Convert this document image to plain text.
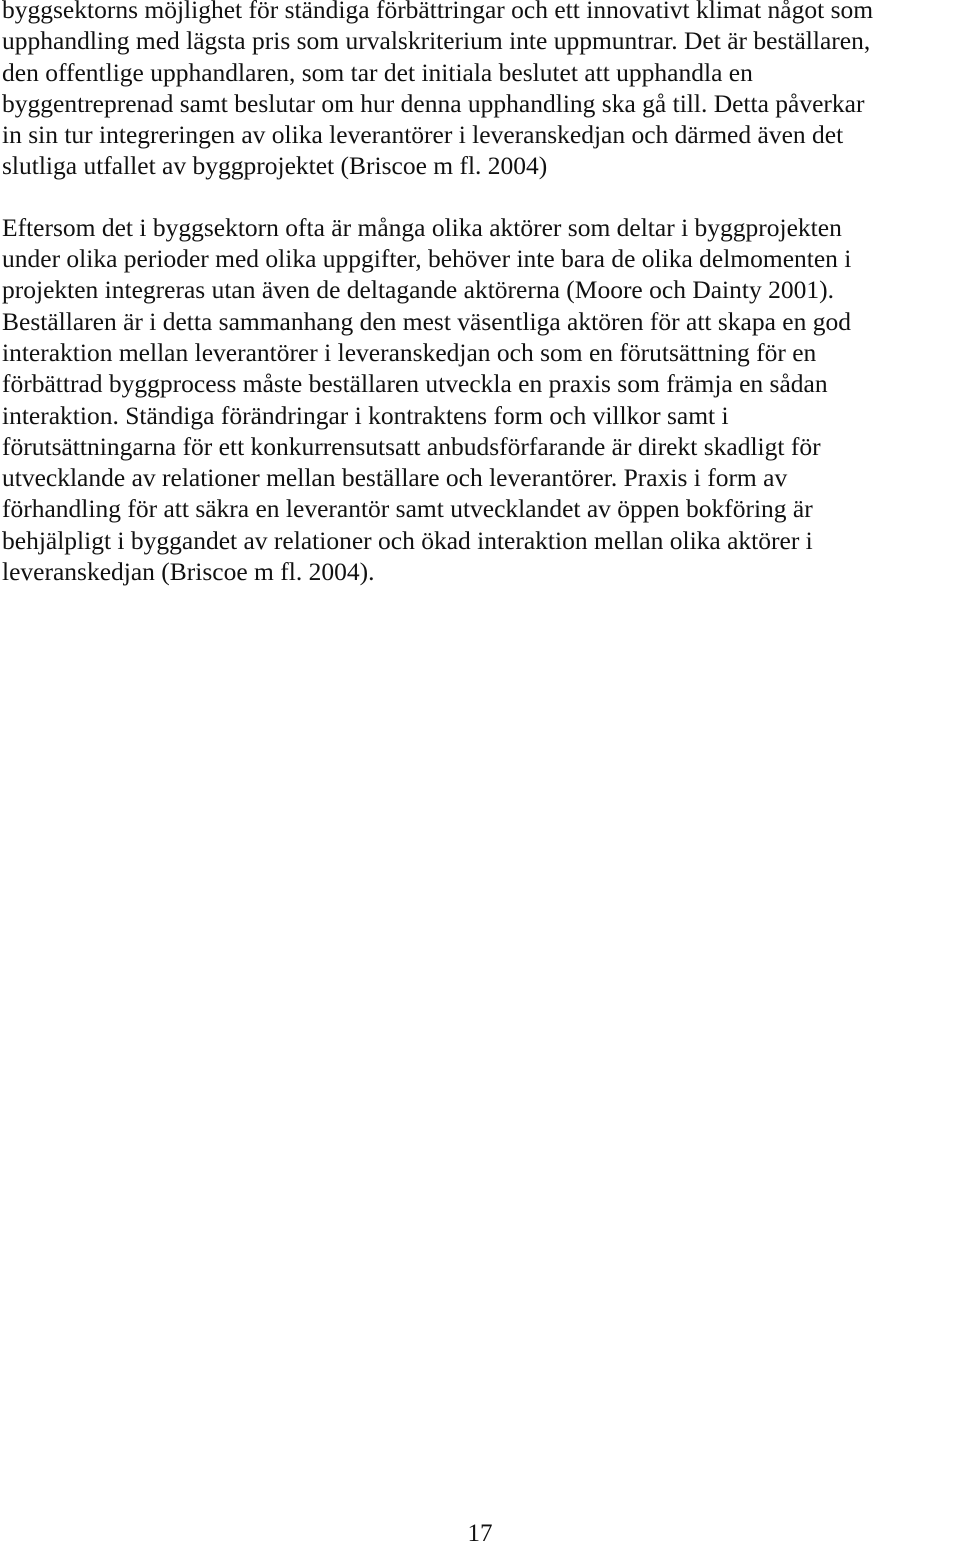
byggsektorns möjlighet för ständiga förbättringar och ett innovativt klimat något som
upphandling med lägsta pris som urvalskriterium inte uppmuntrar. Det är beställaren,
den offentlige upphandlaren, som tar det initiala beslutet att upphandla en
byggentreprenad samt beslutar om hur denna upphandling ska gå till. Detta påverkar
in sin tur integreringen av olika leverantörer i leveranskedjan och därmed även det
slutliga utfallet av byggprojektet (Briscoe m fl. 2004)

Eftersom det i byggsektorn ofta är många olika aktörer som deltar i byggprojekten
under olika perioder med olika uppgifter, behöver inte bara de olika delmomenten i
projekten integreras utan även de deltagande aktörerna (Moore och Dainty 2001).
Beställaren är i detta sammanhang den mest väsentliga aktören för att skapa en god
interaktion mellan leverantörer i leveranskedjan och som en förutsättning för en
förbättrad byggprocess måste beställaren utveckla en praxis som främja en sådan
interaktion. Ständiga förändringar i kontraktens form och villkor samt i
förutsättningarna för ett konkurrensutsatt anbudsförfarande är direkt skadligt för
utvecklande av relationer mellan beställare och leverantörer. Praxis i form av
förhandling för att säkra en leverantör samt utvecklandet av öppen bokföring är
behjälpligt i byggandet av relationer och ökad interaktion mellan olika aktörer i
leveranskedjan (Briscoe m fl. 2004).

17
